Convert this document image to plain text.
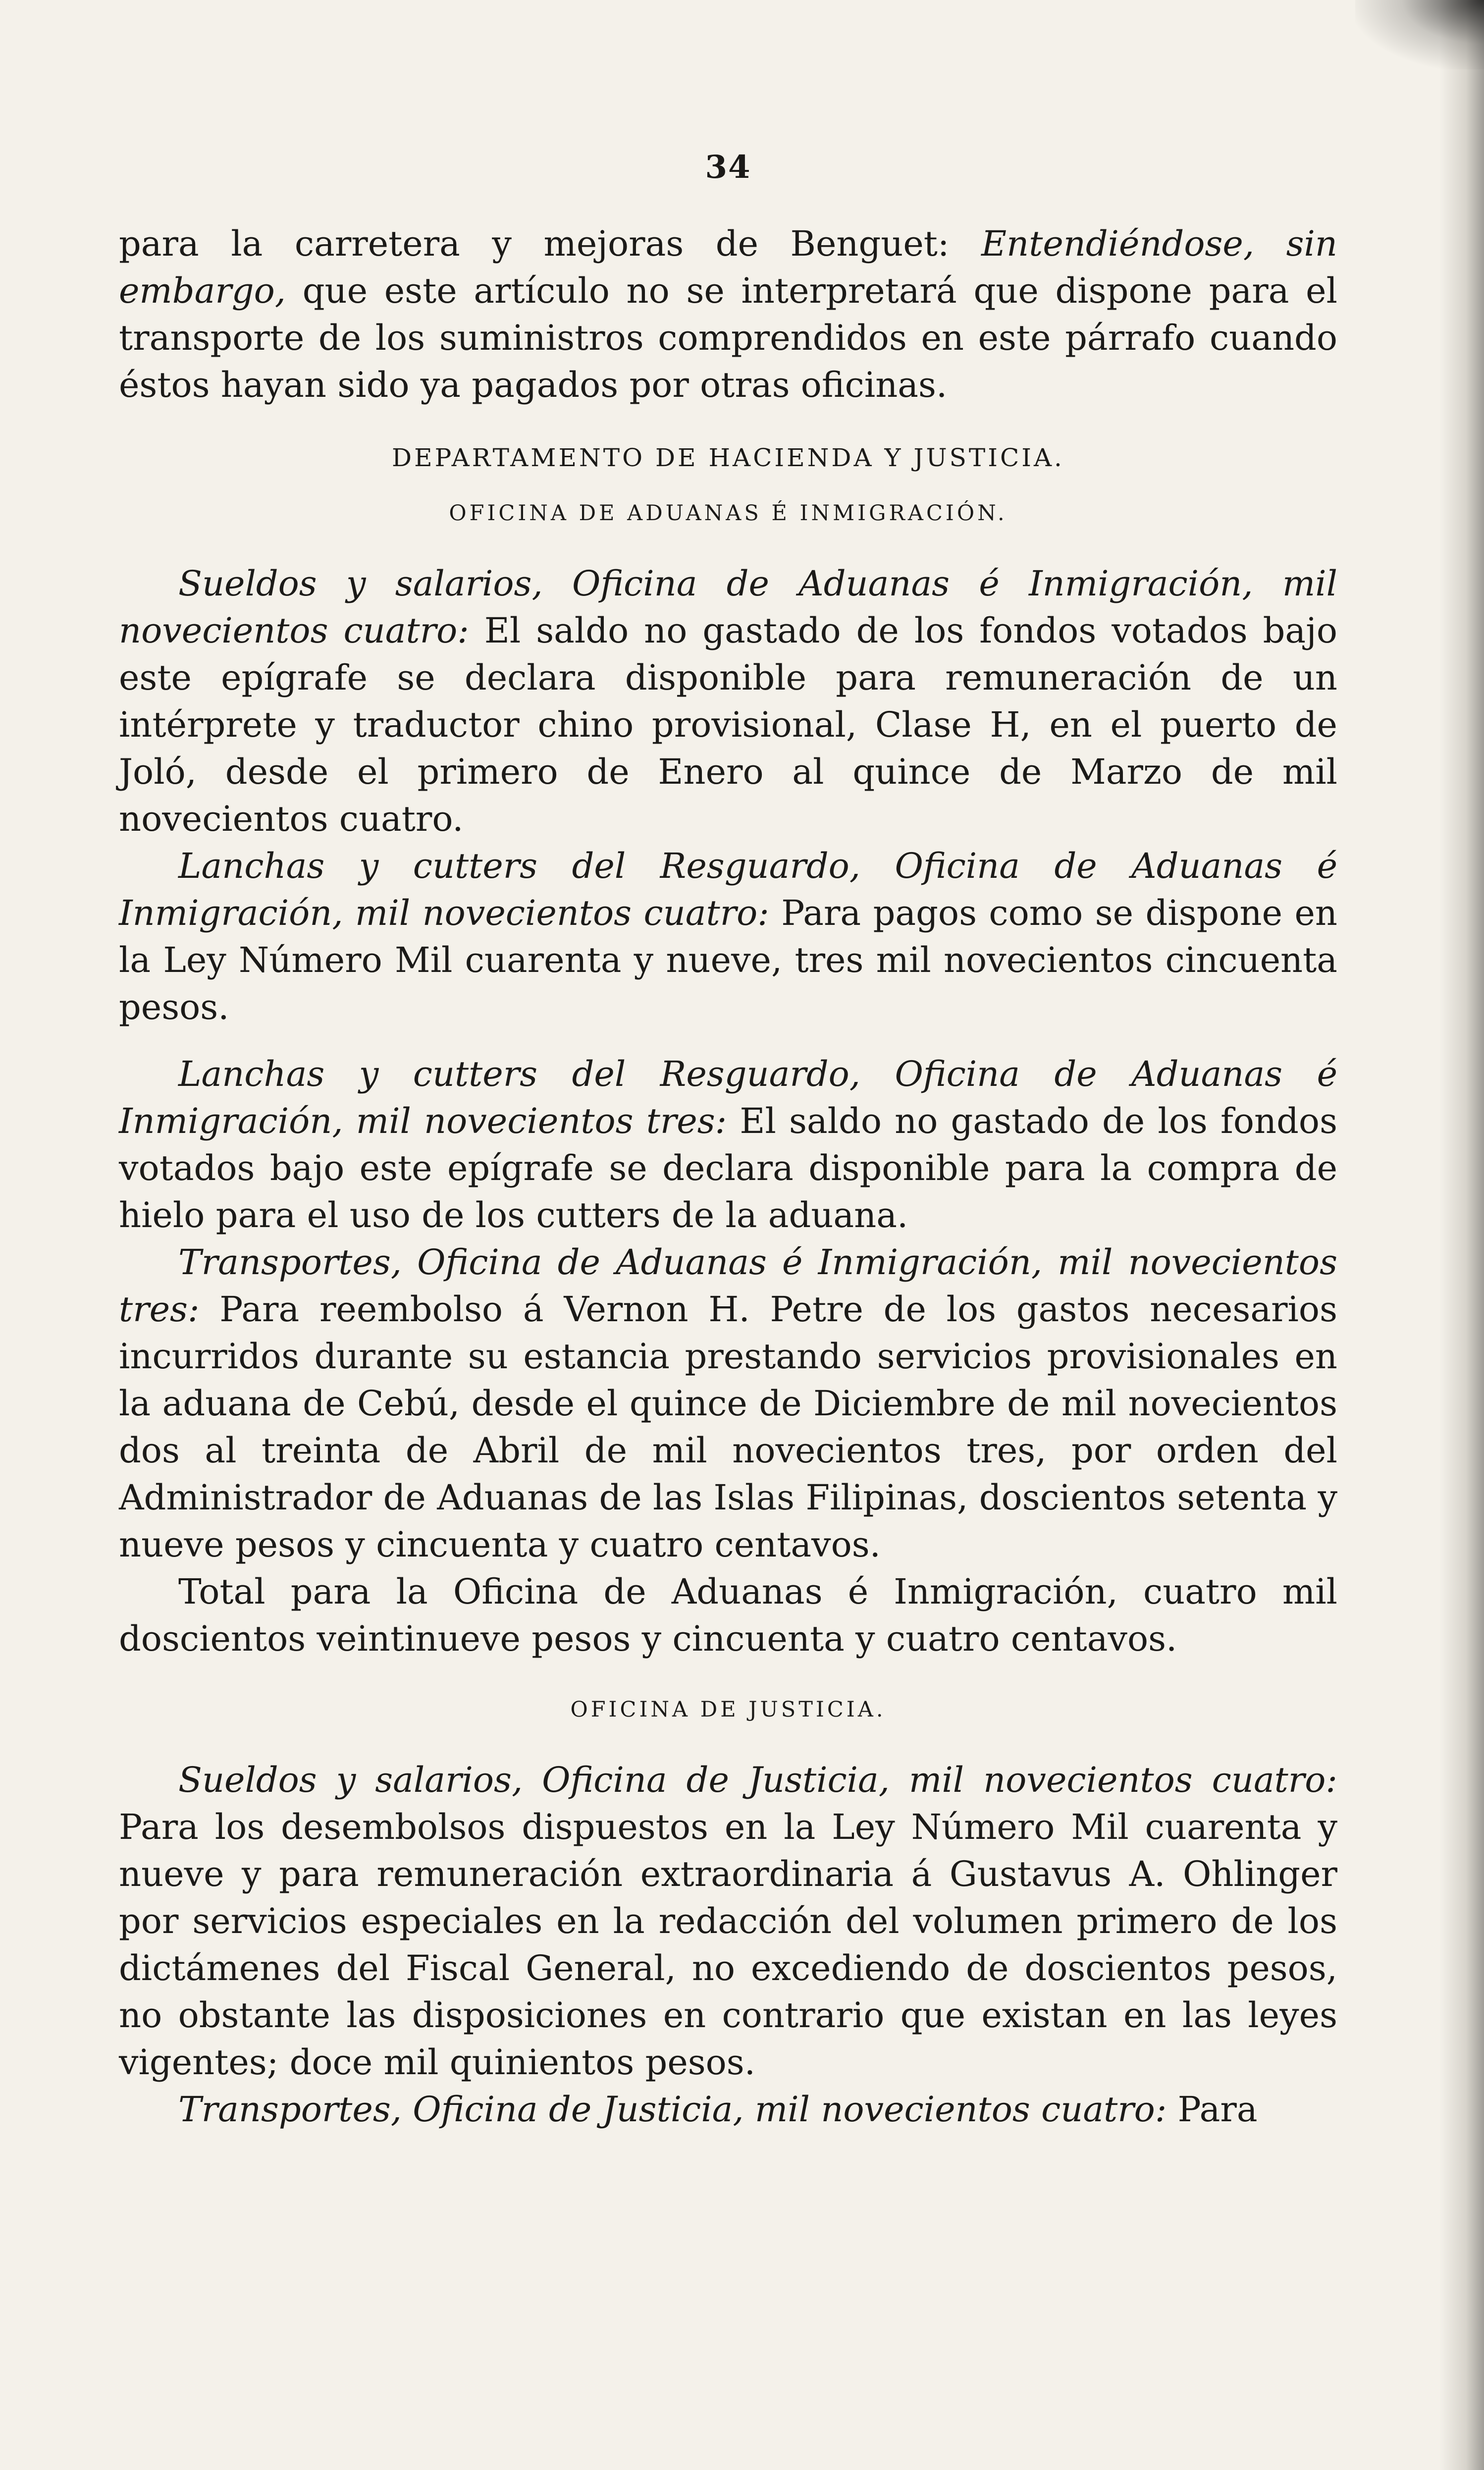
34

para la carretera y mejoras de Benguet: Entendiéndose, sin embargo, que este artículo no se interpretará que dispone para el transporte de los suministros comprendidos en este párrafo cuando éstos hayan sido ya pagados por otras oficinas.

DEPARTAMENTO DE HACIENDA Y JUSTICIA.
OFICINA DE ADUANAS É INMIGRACIÓN.

Sueldos y salarios, Oficina de Aduanas é Inmigración, mil novecientos cuatro: El saldo no gastado de los fondos votados bajo este epígrafe se declara disponible para remuneración de un intérprete y traductor chino provisional, Clase H, en el puerto de Joló, desde el primero de Enero al quince de Marzo de mil novecientos cuatro.

Lanchas y cutters del Resguardo, Oficina de Aduanas é Inmigración, mil novecientos cuatro: Para pagos como se dispone en la Ley Número Mil cuarenta y nueve, tres mil novecientos cincuenta pesos.

Lanchas y cutters del Resguardo, Oficina de Aduanas é Inmigración, mil novecientos tres: El saldo no gastado de los fondos votados bajo este epígrafe se declara disponible para la compra de hielo para el uso de los cutters de la aduana.

Transportes, Oficina de Aduanas é Inmigración, mil novecientos tres: Para reembolso á Vernon H. Petre de los gastos necesarios incurridos durante su estancia prestando servicios provisionales en la aduana de Cebú, desde el quince de Diciembre de mil novecientos dos al treinta de Abril de mil novecientos tres, por orden del Administrador de Aduanas de las Islas Filipinas, doscientos setenta y nueve pesos y cincuenta y cuatro centavos.

Total para la Oficina de Aduanas é Inmigración, cuatro mil doscientos veintinueve pesos y cincuenta y cuatro centavos.

OFICINA DE JUSTICIA.

Sueldos y salarios, Oficina de Justicia, mil novecientos cuatro: Para los desembolsos dispuestos en la Ley Número Mil cuarenta y nueve y para remuneración extraordinaria á Gustavus A. Ohlinger por servicios especiales en la redacción del volumen primero de los dictámenes del Fiscal General, no excediendo de doscientos pesos, no obstante las disposiciones en contrario que existan en las leyes vigentes; doce mil quinientos pesos.

Transportes, Oficina de Justicia, mil novecientos cuatro: Para
